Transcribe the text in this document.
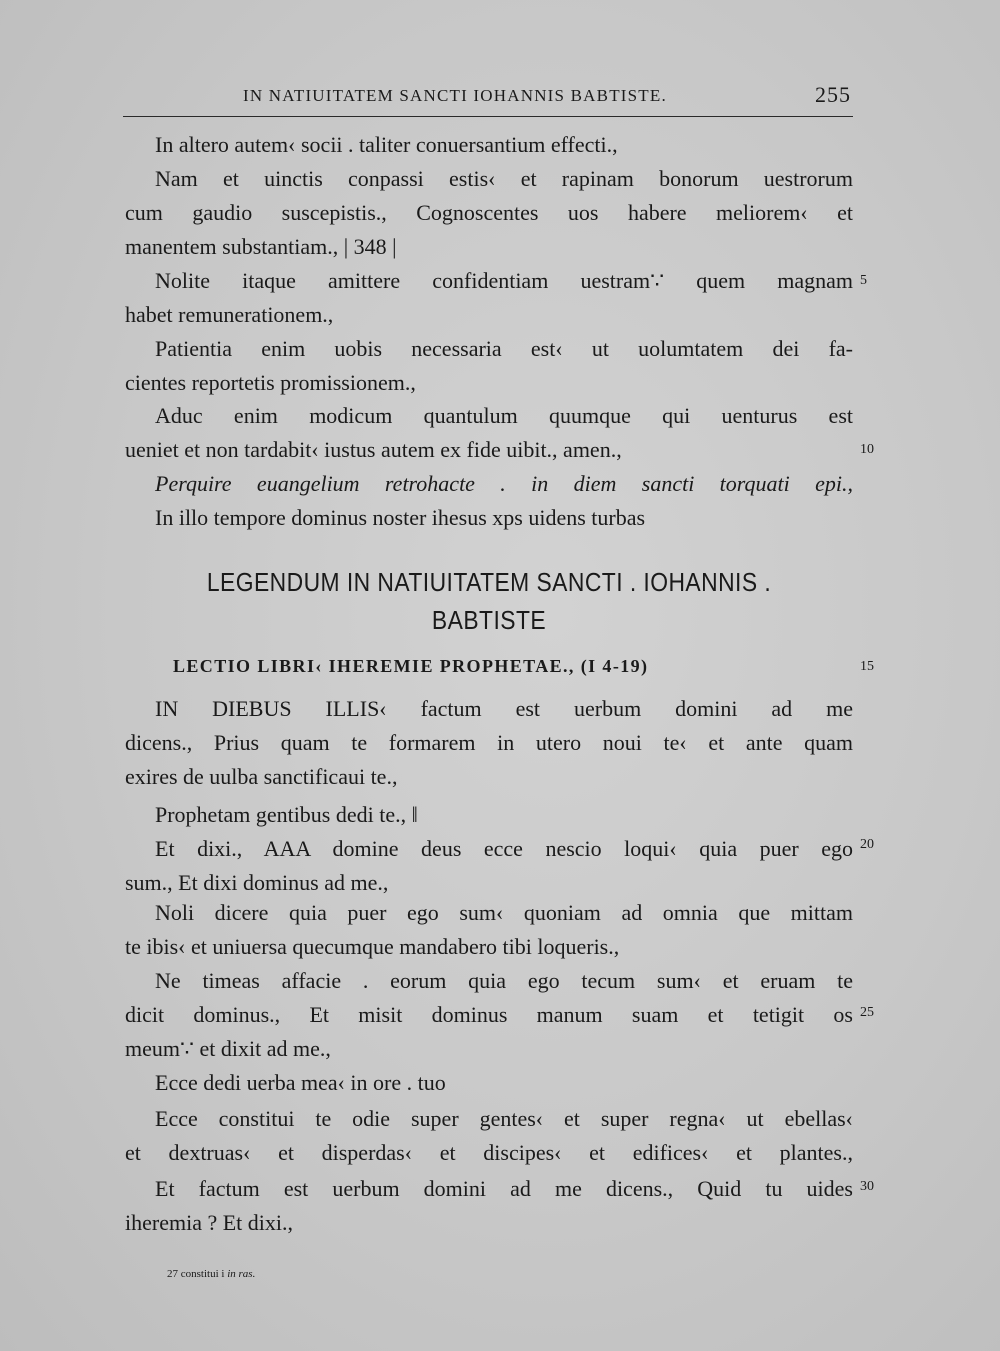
IN NATIUITATEM SANCTI IOHANNIS BABTISTE.	255
In altero autem‹ socii . taliter conuersantium effecti.,
Nam et uinctis conpassi estis‹ et rapinam bonorum uestrorum
cum gaudio suscepistis., Cognoscentes uos habere meliorem‹ et
manentem substantiam., | 348 |
Nolite itaque amittere confidentiam uestram∵ quem magnam 5
habet remunerationem.,
Patientia enim uobis necessaria est‹ ut uolumtatem dei fa-
cientes reportetis promissionem.,
Aduc enim modicum quantulum quumque qui uenturus est
ueniet et non tardabit‹ iustus autem ex fide uibit., amen.,	10
Perquire euangelium retrohacte . in diem sancti torquati epi.,
In illo tempore dominus noster ihesus xps uidens turbas
LEGENDUM IN NATIUITATEM SANCTI . IOHANNIS .
BABTISTE
LECTIO LIBRI‹ IHEREMIE PROPHETAE., (I 4-19)	15
IN DIEBUS ILLIS‹ factum est uerbum domini ad me
dicens., Prius quam te formarem in utero noui te‹ et ante quam
exires de uulba sanctificaui te.,
Prophetam gentibus dedi te., ‖
Et dixi., AAA domine deus ecce nescio loqui‹ quia puer ego 20
sum., Et dixi dominus ad me.,
Noli dicere quia puer ego sum‹ quoniam ad omnia que mittam
te ibis‹ et uniuersa quecumque mandabero tibi loqueris.,
Ne timeas affacie . eorum quia ego tecum sum‹ et eruam te
dicit dominus., Et misit dominus manum suam et tetigit os 25
meum∵ et dixit ad me.,
Ecce dedi uerba mea‹ in ore . tuo
Ecce constitui te odie super gentes‹ et super regna‹ ut ebellas‹
et dextruas‹ et disperdas‹ et discipes‹ et edifices‹ et plantes.,
Et factum est uerbum domini ad me dicens., Quid tu uides 30
iheremia ? Et dixi.,
27 constitui i in ras.
